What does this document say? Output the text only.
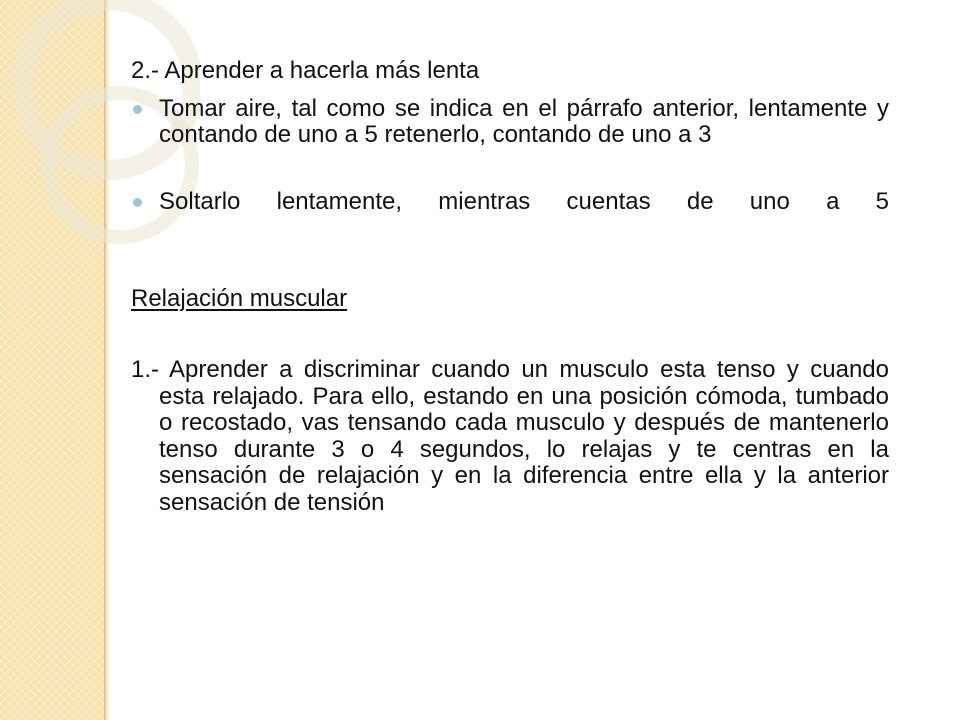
2.- Aprender a hacerla más lenta

Tomar aire, tal como se indica en el párrafo anterior, lentamente y contando de uno a 5 retenerlo, contando de uno a 3

Soltarlo lentamente, mientras cuentas de uno a 5

Relajación muscular

1.- Aprender a discriminar cuando un musculo esta tenso y cuando esta relajado. Para ello, estando en una posición cómoda, tumbado o recostado, vas tensando cada musculo y después de mantenerlo tenso durante 3 o 4 segundos, lo relajas y te centras en la sensación de relajación y en la diferencia entre ella y la anterior sensación de tensión
